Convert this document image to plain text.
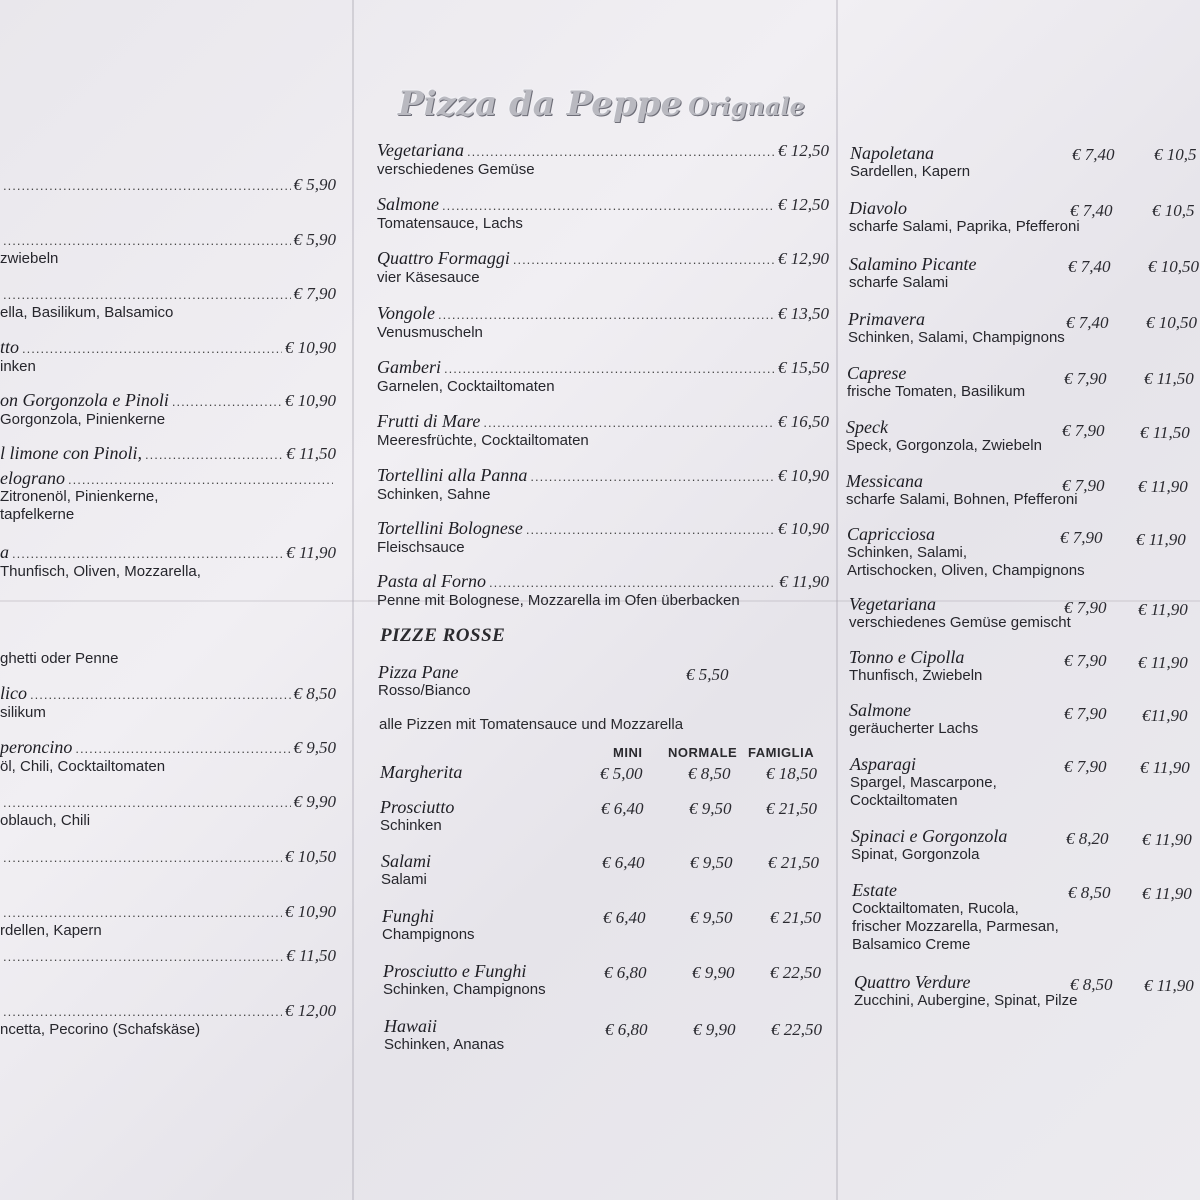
Pizza da Peppe Orignale
.....
€ 5,90
.....
€ 5,90
zwiebeln
.....
€ 7,90
ella, Basilikum, Balsamico
tto .....	€ 10,90
inken
on Gorgonzola e Pinoli .....	€ 10,90
Gorgonzola, Pinienkerne
l limone con Pinoli, .....	€ 11,50
elograno
.....
Zitronenöl, Pinienkerne,
tapfelkerne
a .....	€ 11,90
Thunfisch, Oliven, Mozzarella,
ghetti oder Penne
lico .....	€ 8,50
silikum
peroncino .....	€ 9,50
öl, Chili, Cocktailtomaten
.....
€ 9,90
oblauch, Chili
.....
€ 10,50
.....
€ 10,90
rdellen, Kapern
.....
€ 11,50
.....
€ 12,00
ncetta, Pecorino (Schafskäse)
Vegetariana .....	€ 12,50
verschiedenes Gemüse
Salmone .....	€ 12,50
Tomatensauce, Lachs
Quattro Formaggi .....	€ 12,90
vier Käsesauce
Vongole .....	€ 13,50
Venusmuscheln
Gamberi .....	€ 15,50
Garnelen, Cocktailtomaten
Frutti di Mare .....	€ 16,50
Meeresfrüchte, Cocktailtomaten
Tortellini alla Panna .....	€ 10,90
Schinken, Sahne
Tortellini Bolognese .....	€ 10,90
Fleischsauce
Pasta al Forno .....	€ 11,90
Penne mit Bolognese, Mozzarella im Ofen überbacken
PIZZE ROSSE
Pizza Pane
Rosso/Bianco
€ 5,50
alle Pizzen mit Tomatensauce und Mozzarella
MINI NORMALE FAMIGLIA
Margherita	€ 5,00	€ 8,50 € 18,50
Prosciutto
Schinken
€ 6,40	€ 9,50 € 21,50
Salami
Salami
€ 6,40	€ 9,50 € 21,50
Funghi
Champignons
€ 6,40	€ 9,50 € 21,50
Prosciutto e Funghi
Schinken, Champignons
€ 6,80	€ 9,90 € 22,50
Hawaii
Schinken, Ananas
€ 6,80	€ 9,90 € 22,50
Napoletana
Sardellen, Kapern
€ 7,40 € 10,5
Diavolo
scharfe Salami, Paprika, Pfefferoni
€ 7,40 € 10,5
Salamino Picante
scharfe Salami
€ 7,40 € 10,50
Primavera
Schinken, Salami, Champignons
€ 7,40 € 10,50
Caprese
frische Tomaten, Basilikum
€ 7,90 € 11,50
Speck
Speck, Gorgonzola, Zwiebeln
€ 7,90 € 11,50
Messicana
scharfe Salami, Bohnen, Pfefferoni
€ 7,90 € 11,90
Capricciosa
Schinken, Salami,
Artischocken, Oliven, Champignons
€ 7,90 € 11,90
Vegetariana
verschiedenes Gemüse gemischt
€ 7,90 € 11,90
Tonno e Cipolla
Thunfisch, Zwiebeln
€ 7,90 € 11,90
Salmone
geräucherter Lachs
€ 7,90 €11,90
Asparagi
Spargel, Mascarpone,
Cocktailtomaten
€ 7,90 € 11,90
Spinaci e Gorgonzola
Spinat, Gorgonzola
€ 8,20 € 11,90
Estate
Cocktailtomaten, Rucola,
frischer Mozzarella, Parmesan,
Balsamico Creme
€ 8,50 € 11,90
Quattro Verdure
Zucchini, Aubergine, Spinat, Pilze
€ 8,50 € 11,90
